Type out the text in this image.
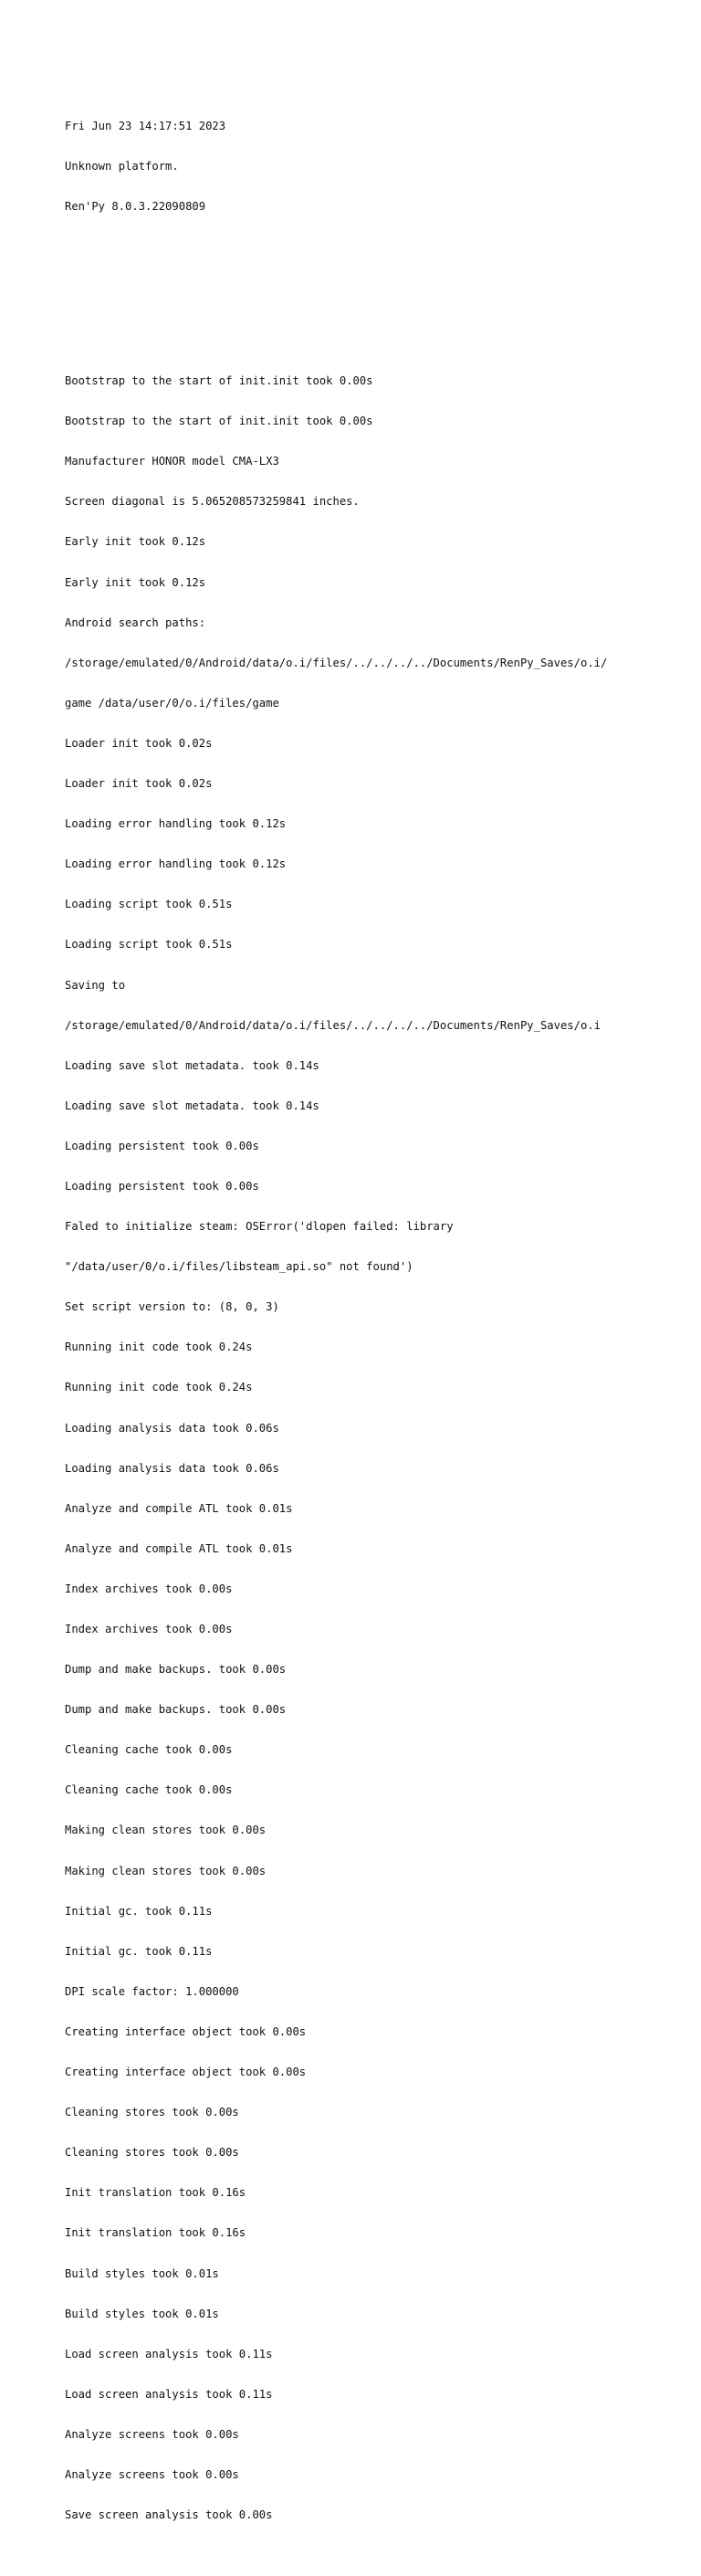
Fri Jun 23 14:17:51 2023

Unknown platform.

Ren'Py 8.0.3.22090809

Bootstrap to the start of init.init took 0.00s

Bootstrap to the start of init.init took 0.00s

Manufacturer HONOR model CMA-LX3

Screen diagonal is 5.065208573259841 inches.

Early init took 0.12s

Early init took 0.12s

Android search paths:

/storage/emulated/0/Android/data/o.i/files/../../../../Documents/RenPy_Saves/o.i/

game /data/user/0/o.i/files/game

Loader init took 0.02s

Loader init took 0.02s

Loading error handling took 0.12s

Loading error handling took 0.12s

Loading script took 0.51s

Loading script took 0.51s

Saving to

/storage/emulated/0/Android/data/o.i/files/../../../../Documents/RenPy_Saves/o.i

Loading save slot metadata. took 0.14s

Loading save slot metadata. took 0.14s

Loading persistent took 0.00s

Loading persistent took 0.00s

Faled to initialize steam: OSError('dlopen failed: library

"/data/user/0/o.i/files/libsteam_api.so" not found')

Set script version to: (8, 0, 3)

Running init code took 0.24s

Running init code took 0.24s

Loading analysis data took 0.06s

Loading analysis data took 0.06s

Analyze and compile ATL took 0.01s

Analyze and compile ATL took 0.01s

Index archives took 0.00s

Index archives took 0.00s

Dump and make backups. took 0.00s

Dump and make backups. took 0.00s

Cleaning cache took 0.00s

Cleaning cache took 0.00s

Making clean stores took 0.00s

Making clean stores took 0.00s

Initial gc. took 0.11s

Initial gc. took 0.11s

DPI scale factor: 1.000000

Creating interface object took 0.00s

Creating interface object took 0.00s

Cleaning stores took 0.00s

Cleaning stores took 0.00s

Init translation took 0.16s

Init translation took 0.16s

Build styles took 0.01s

Build styles took 0.01s

Load screen analysis took 0.11s

Load screen analysis took 0.11s

Analyze screens took 0.00s

Analyze screens took 0.00s

Save screen analysis took 0.00s
